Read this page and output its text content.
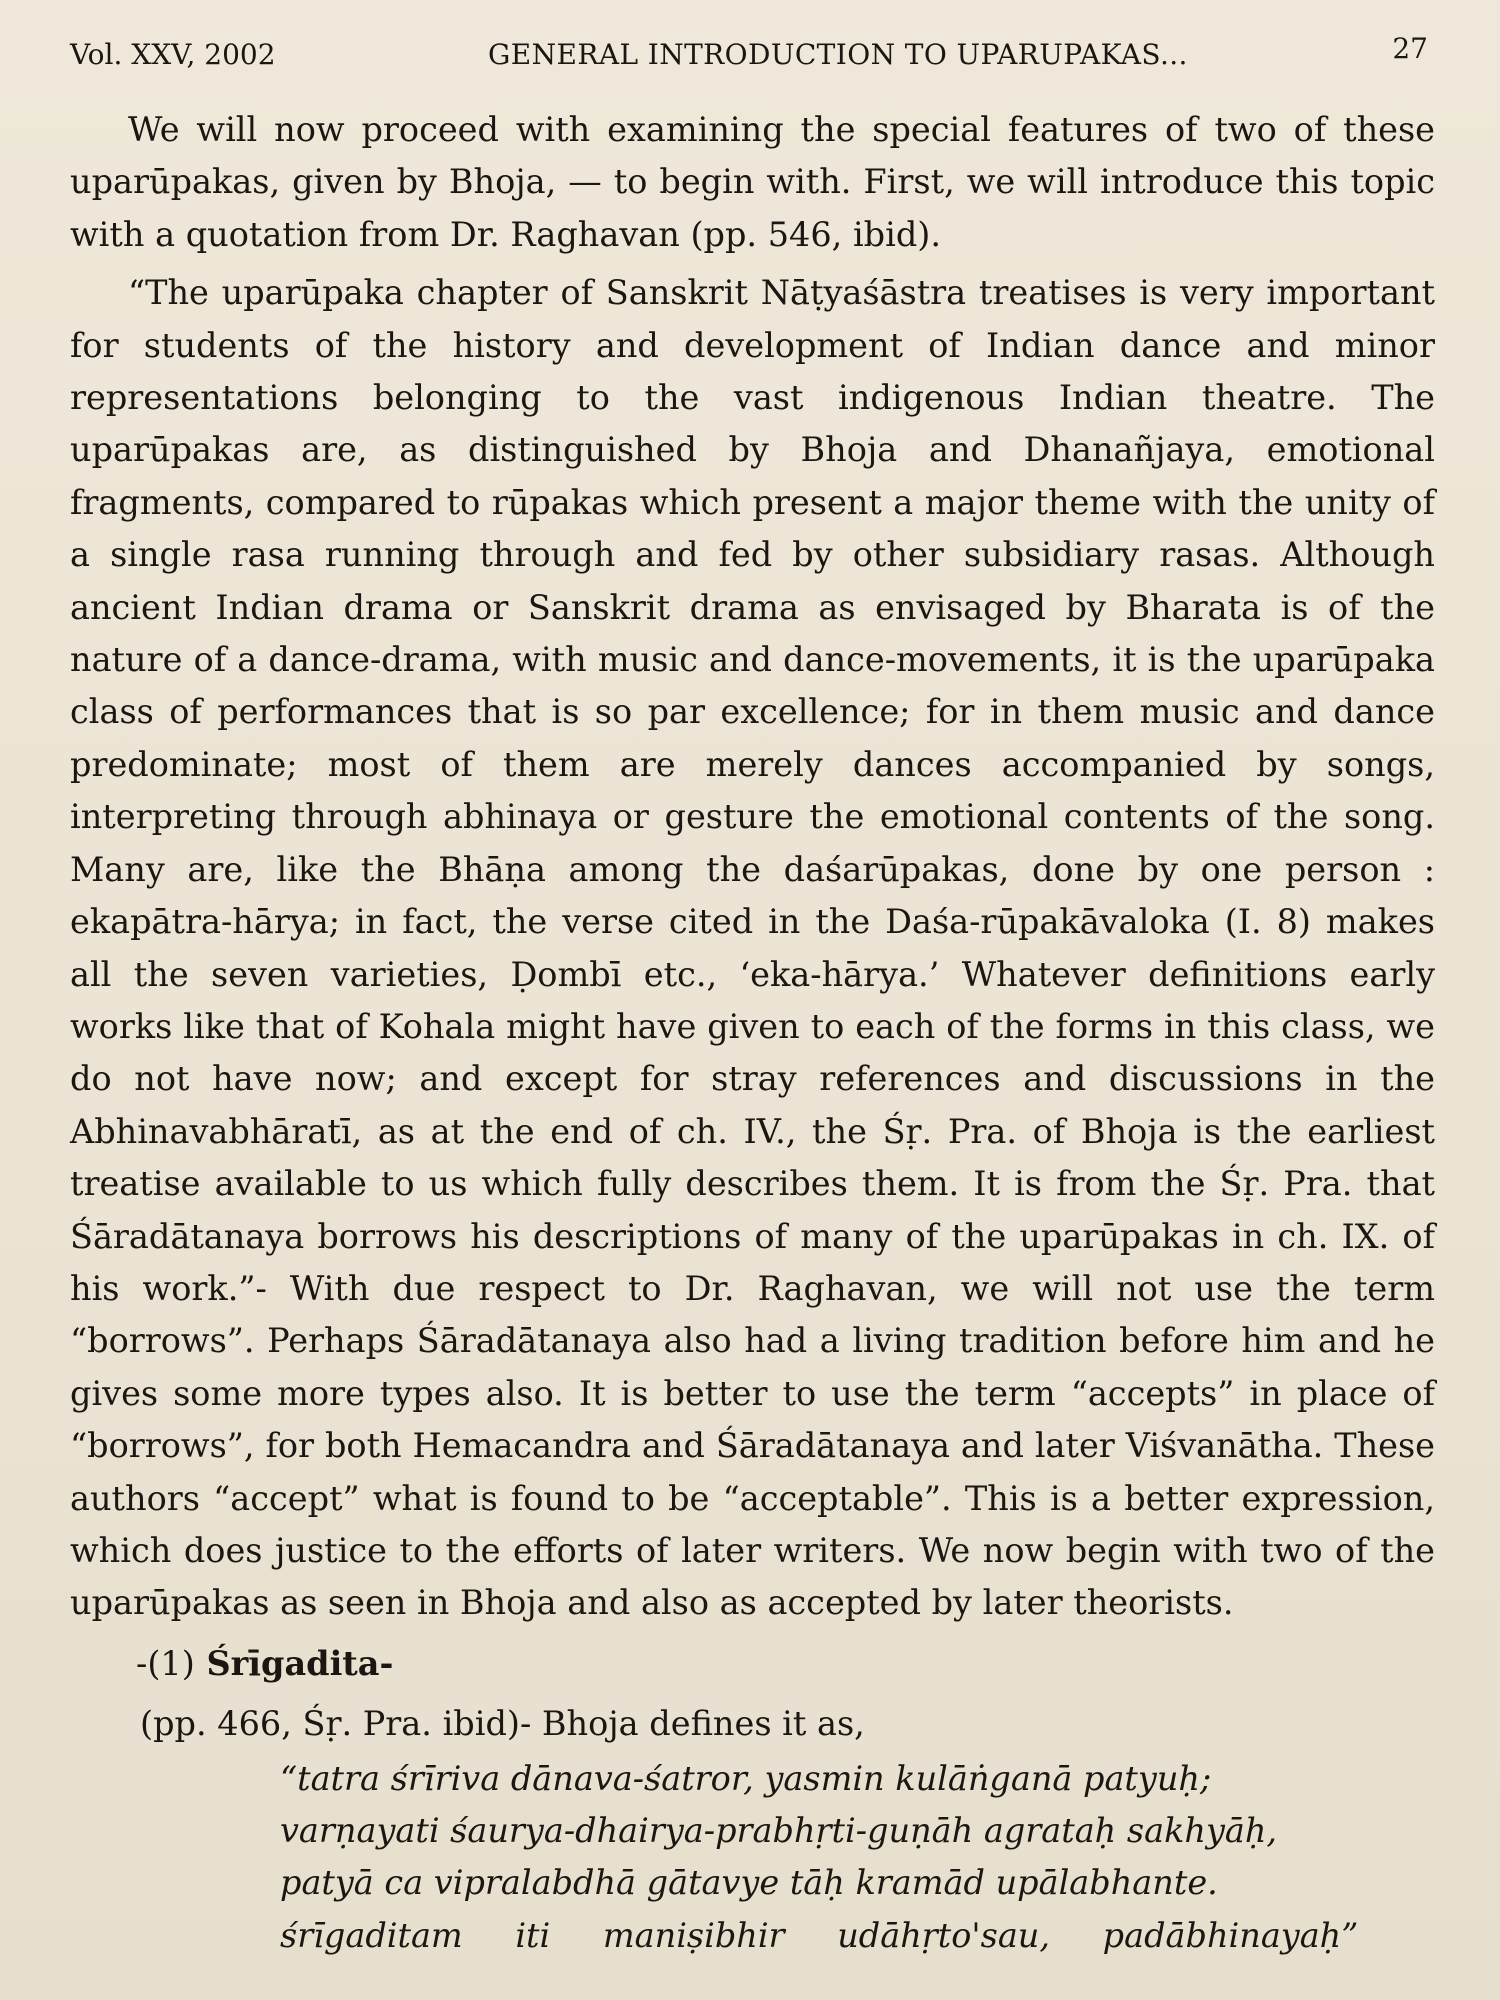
Vol. XXV, 2002	GENERAL INTRODUCTION TO UPARUPAKAS...	27

We will now proceed with examining the special features of two of these uparūpakas, given by Bhoja, — to begin with. First, we will introduce this topic with a quotation from Dr. Raghavan (pp. 546, ibid).

“The uparūpaka chapter of Sanskrit Nāṭyaśāstra treatises is very important for students of the history and development of Indian dance and minor representations belonging to the vast indigenous Indian theatre. The uparūpakas are, as distinguished by Bhoja and Dhanañjaya, emotional fragments, compared to rūpakas which present a major theme with the unity of a single rasa running through and fed by other subsidiary rasas. Although ancient Indian drama or Sanskrit drama as envisaged by Bharata is of the nature of a dance-drama, with music and dance-movements, it is the uparūpaka class of performances that is so par excellence; for in them music and dance predominate; most of them are merely dances accompanied by songs, interpreting through abhinaya or gesture the emotional contents of the song. Many are, like the Bhāṇa among the daśarūpakas, done by one person : ekapātra-hārya; in fact, the verse cited in the Daśa-rūpakāvaloka (I. 8) makes all the seven varieties, Ḍombī etc., ‘eka-hārya.’ Whatever definitions early works like that of Kohala might have given to each of the forms in this class, we do not have now; and except for stray references and discussions in the Abhinavabhāratī, as at the end of ch. IV., the Śṛ. Pra. of Bhoja is the earliest treatise available to us which fully describes them. It is from the Śṛ. Pra. that Śāradātanaya borrows his descriptions of many of the uparūpakas in ch. IX. of his work.”- With due respect to Dr. Raghavan, we will not use the term “borrows”. Perhaps Śāradātanaya also had a living tradition before him and he gives some more types also. It is better to use the term “accepts” in place of “borrows”, for both Hemacandra and Śāradātanaya and later Viśvanātha. These authors “accept” what is found to be “acceptable”. This is a better expression, which does justice to the efforts of later writers. We now begin with two of the uparūpakas as seen in Bhoja and also as accepted by later theorists.

-(1) Śrīgadita-
(pp. 466, Śṛ. Pra. ibid)- Bhoja defines it as,
“tatra śrīriva dānava-śatror, yasmin kulāṅganā patyuḥ;
varṇayati śaurya-dhairya-prabhṛti-guṇāh agrataḥ sakhyāḥ,
patyā ca vipralabdhā gātavye tāḥ kramād upālabhante.
śrīgaditam iti maniṣibhir udāhṛto'sau, padābhinayaḥ”
